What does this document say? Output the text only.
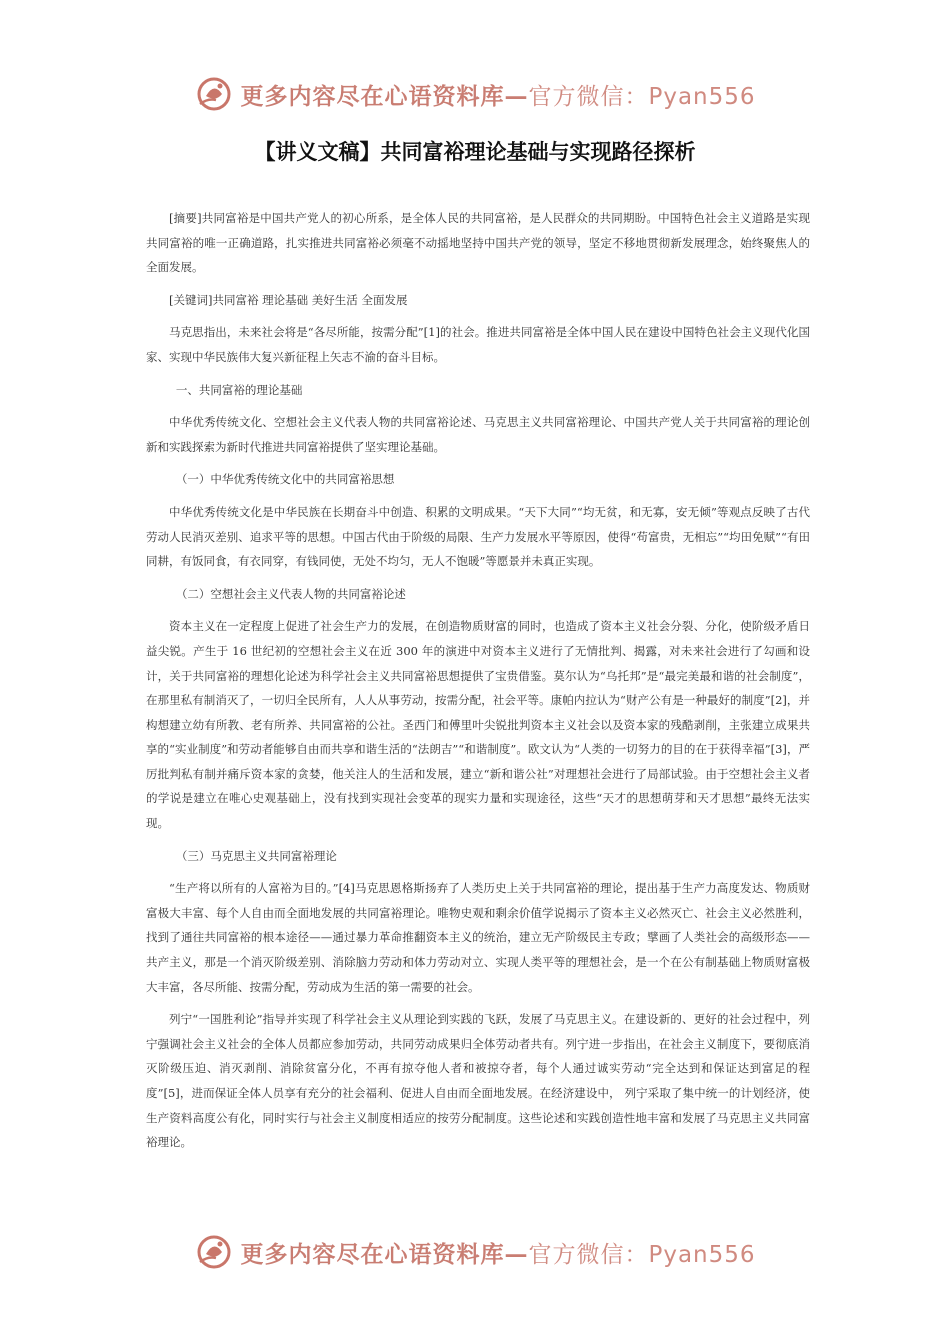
更多内容尽在心语资料库—官方微信：Pyan556
【讲义文稿】共同富裕理论基础与实现路径探析

[摘要]共同富裕是中国共产党人的初心所系，是全体人民的共同富裕，是人民群众的共同期盼。中国特色社会主义道路是实现共同富裕的唯一正确道路，扎实推进共同富裕必须毫不动摇地坚持中国共产党的领导，坚定不移地贯彻新发展理念，始终聚焦人的全面发展。

[关键词]共同富裕 理论基础 美好生活 全面发展

马克思指出，未来社会将是“各尽所能，按需分配”[1]的社会。推进共同富裕是全体中国人民在建设中国特色社会主义现代化国家、实现中华民族伟大复兴新征程上矢志不渝的奋斗目标。

一、共同富裕的理论基础

中华优秀传统文化、空想社会主义代表人物的共同富裕论述、马克思主义共同富裕理论、中国共产党人关于共同富裕的理论创新和实践探索为新时代推进共同富裕提供了坚实理论基础。

（一）中华优秀传统文化中的共同富裕思想

中华优秀传统文化是中华民族在长期奋斗中创造、积累的文明成果。“天下大同”“均无贫，和无寡，安无倾”等观点反映了古代劳动人民消灭差别、追求平等的思想。中国古代由于阶级的局限、生产力发展水平等原因，使得“苟富贵，无相忘”“均田免赋”“有田同耕，有饭同食，有衣同穿，有钱同使，无处不均匀，无人不饱暖”等愿景并未真正实现。

（二）空想社会主义代表人物的共同富裕论述

资本主义在一定程度上促进了社会生产力的发展，在创造物质财富的同时，也造成了资本主义社会分裂、分化，使阶级矛盾日益尖锐。产生于 16 世纪初的空想社会主义在近 300 年的演进中对资本主义进行了无情批判、揭露，对未来社会进行了勾画和设计，关于共同富裕的理想化论述为科学社会主义共同富裕思想提供了宝贵借鉴。莫尔认为“乌托邦”是“最完美最和谐的社会制度”，在那里私有制消灭了，一切归全民所有，人人从事劳动，按需分配，社会平等。康帕内拉认为“财产公有是一种最好的制度”[2]，并构想建立幼有所教、老有所养、共同富裕的公社。圣西门和傅里叶尖锐批判资本主义社会以及资本家的残酷剥削，主张建立成果共享的“实业制度”和劳动者能够自由而共享和谐生活的“法朗吉”“和谐制度”。欧文认为“人类的一切努力的目的在于获得幸福”[3]，严厉批判私有制并痛斥资本家的贪婪，他关注人的生活和发展，建立“新和谐公社”对理想社会进行了局部试验。由于空想社会主义者的学说是建立在唯心史观基础上，没有找到实现社会变革的现实力量和实现途径，这些“天才的思想萌芽和天才思想”最终无法实现。

（三）马克思主义共同富裕理论

“生产将以所有的人富裕为目的。”[4]马克思恩格斯扬弃了人类历史上关于共同富裕的理论，提出基于生产力高度发达、物质财富极大丰富、每个人自由而全面地发展的共同富裕理论。唯物史观和剩余价值学说揭示了资本主义必然灭亡、社会主义必然胜利，找到了通往共同富裕的根本途径——通过暴力革命推翻资本主义的统治，建立无产阶级民主专政；擘画了人类社会的高级形态——共产主义，那是一个消灭阶级差别、消除脑力劳动和体力劳动对立、实现人类平等的理想社会，是一个在公有制基础上物质财富极大丰富，各尽所能、按需分配，劳动成为生活的第一需要的社会。

列宁“一国胜利论”指导并实现了科学社会主义从理论到实践的飞跃，发展了马克思主义。在建设新的、更好的社会过程中，列宁强调社会主义社会的全体人员都应参加劳动，共同劳动成果归全体劳动者共有。列宁进一步指出，在社会主义制度下，要彻底消灭阶级压迫、消灭剥削、消除贫富分化，不再有掠夺他人者和被掠夺者，每个人通过诚实劳动“完全达到和保证达到富足的程度”[5]，进而保证全体人员享有充分的社会福利、促进人自由而全面地发展。在经济建设中， 列宁采取了集中统一的计划经济，使生产资料高度公有化，同时实行与社会主义制度相适应的按劳分配制度。这些论述和实践创造性地丰富和发展了马克思主义共同富裕理论。

更多内容尽在心语资料库—官方微信：Pyan556
